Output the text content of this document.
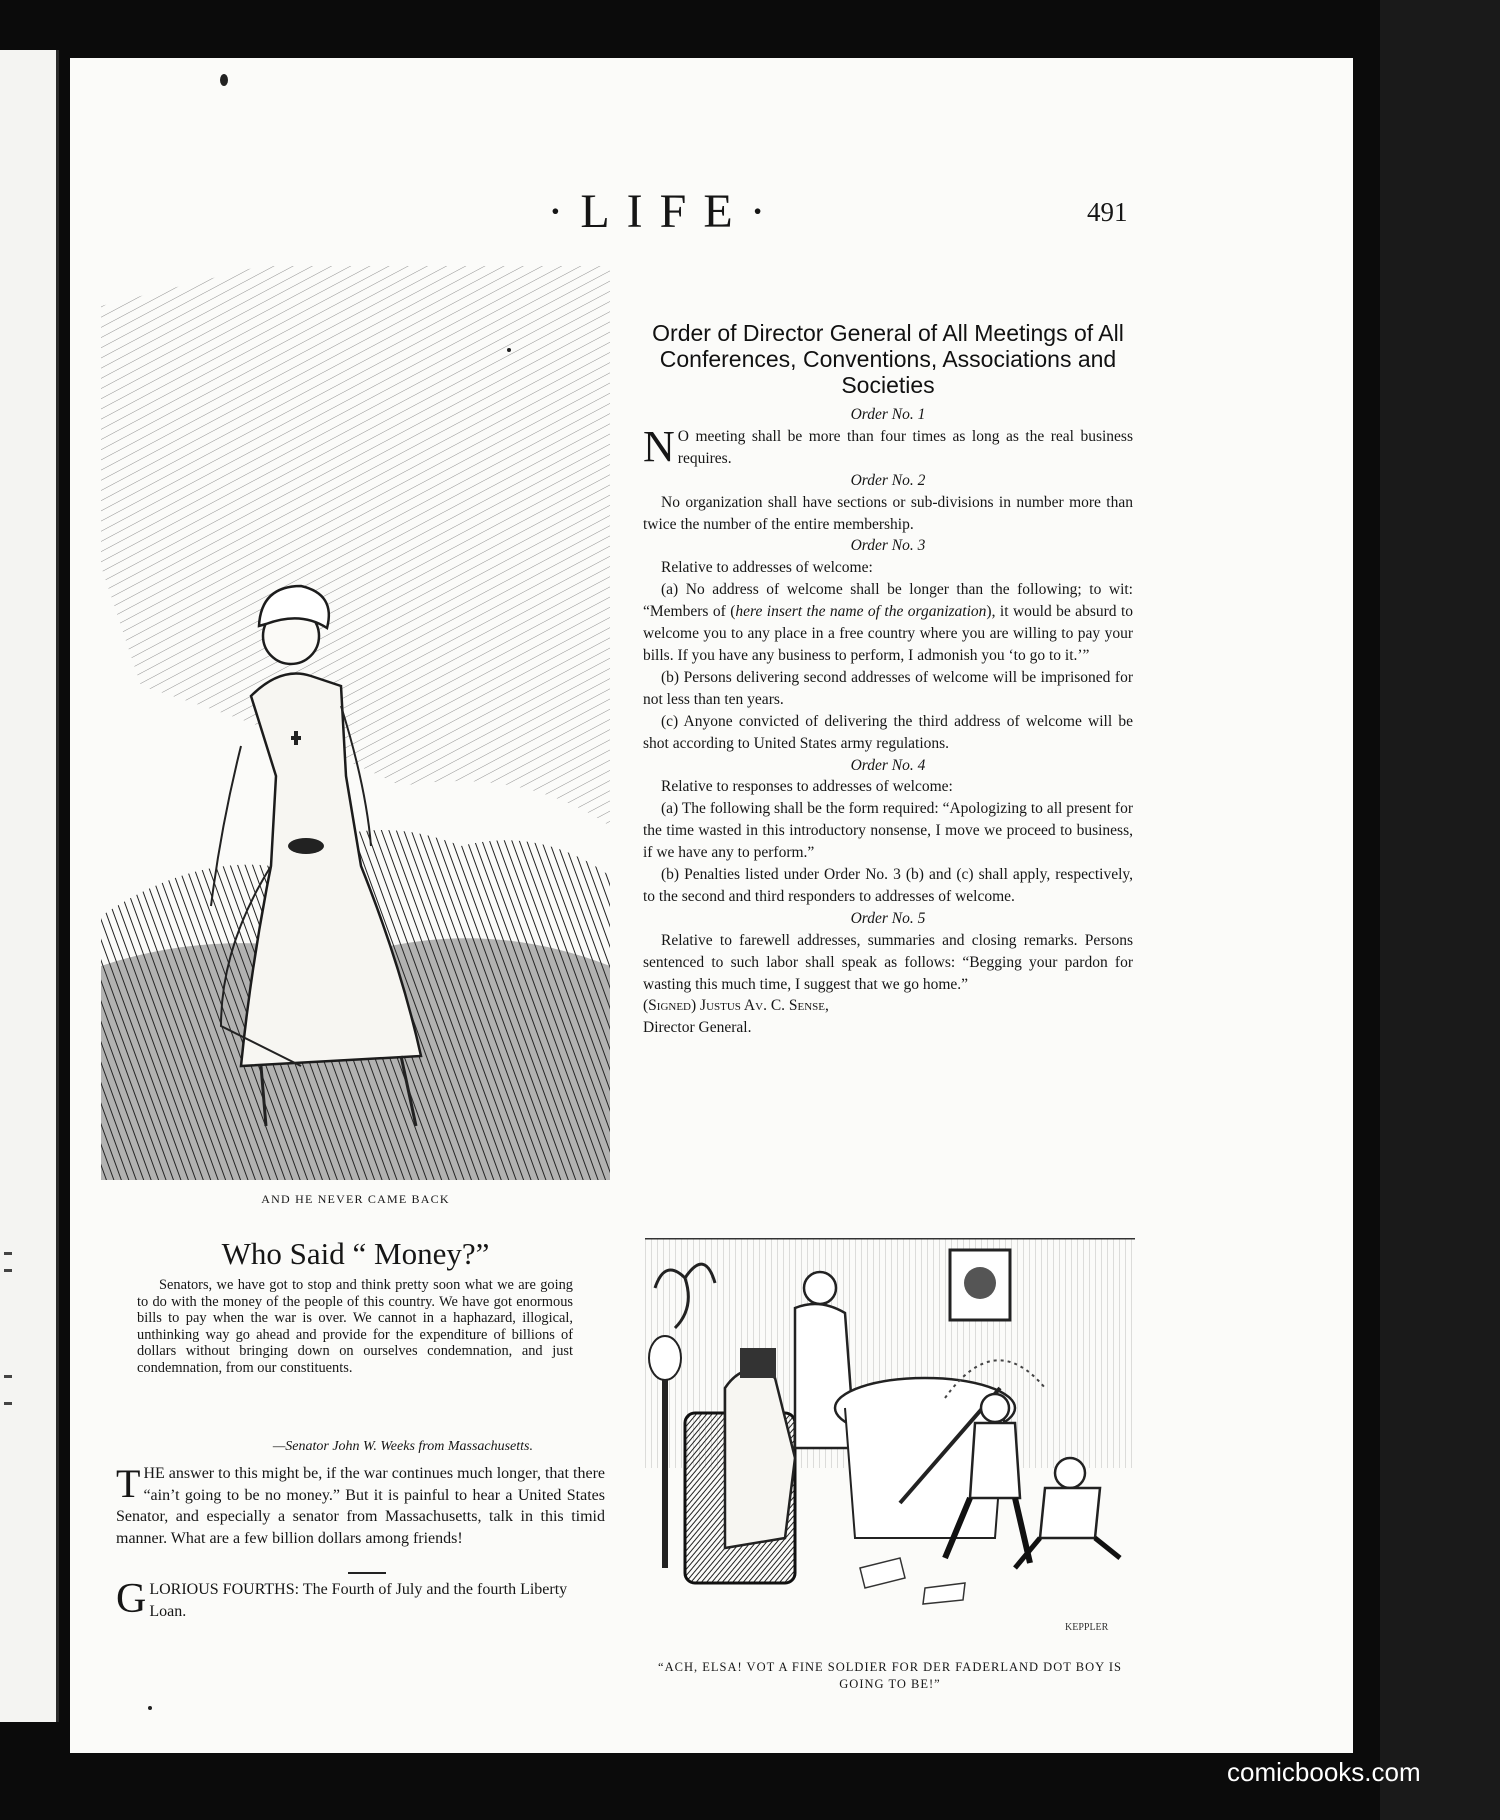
·LIFE·	491
AND HE NEVER CAME BACK
Who Said “ Money?”
Senators, we have got to stop and think pretty soon what we are going to do with the money of the people of this country. We have got enormous bills to pay when the war is over. We cannot in a haphazard, illogical, unthinking way go ahead and provide for the expenditure of billions of dollars without bringing down on ourselves condemnation, and just condemnation, from our constituents.
—Senator John W. Weeks from Massachusetts.
THE answer to this might be, if the war continues much longer, that there “ain’t going to be no money.” But it is painful to hear a United States Senator, and especially a senator from Massachusetts, talk in this timid manner. What are a few billion dollars among friends!
GLORIOUS FOURTHS: The Fourth of July and the fourth Liberty Loan.
Order of Director General of All Meetings of All Conferences, Conventions, Associations and Societies

Order No. 1

N O meeting shall be more than four times as long as the real business requires.

Order No. 2

No organization shall have sections or sub-divisions in number more than twice the number of the entire membership.

Order No. 3

Relative to addresses of welcome:

(a) No address of welcome shall be longer than the following; to wit: “Members of (here insert the name of the organization), it would be absurd to welcome you to any place in a free country where you are willing to pay your bills. If you have any business to perform, I admonish you ‘to go to it.’”

(b) Persons delivering second addresses of welcome will be imprisoned for not less than ten years.

(c) Anyone convicted of delivering the third address of welcome will be shot according to United States army regulations.

Order No. 4

Relative to responses to addresses of welcome:

(a) The following shall be the form required: “Apologizing to all present for the time wasted in this introductory nonsense, I move we proceed to business, if we have any to perform.”

(b) Penalties listed under Order No. 3 (b) and (c) shall apply, respectively, to the second and third responders to addresses of welcome.

Order No. 5

Relative to farewell addresses, summaries and closing remarks. Persons sentenced to such labor shall speak as follows: “Begging your pardon for wasting this much time, I suggest that we go home.”

(Signed) Justus Av. C. Sense,

Director General.

KEPPLER
“ACH, ELSA! VOT A FINE SOLDIER FOR DER FADERLAND DOT BOY IS GOING TO BE!”
comicbooks.com
